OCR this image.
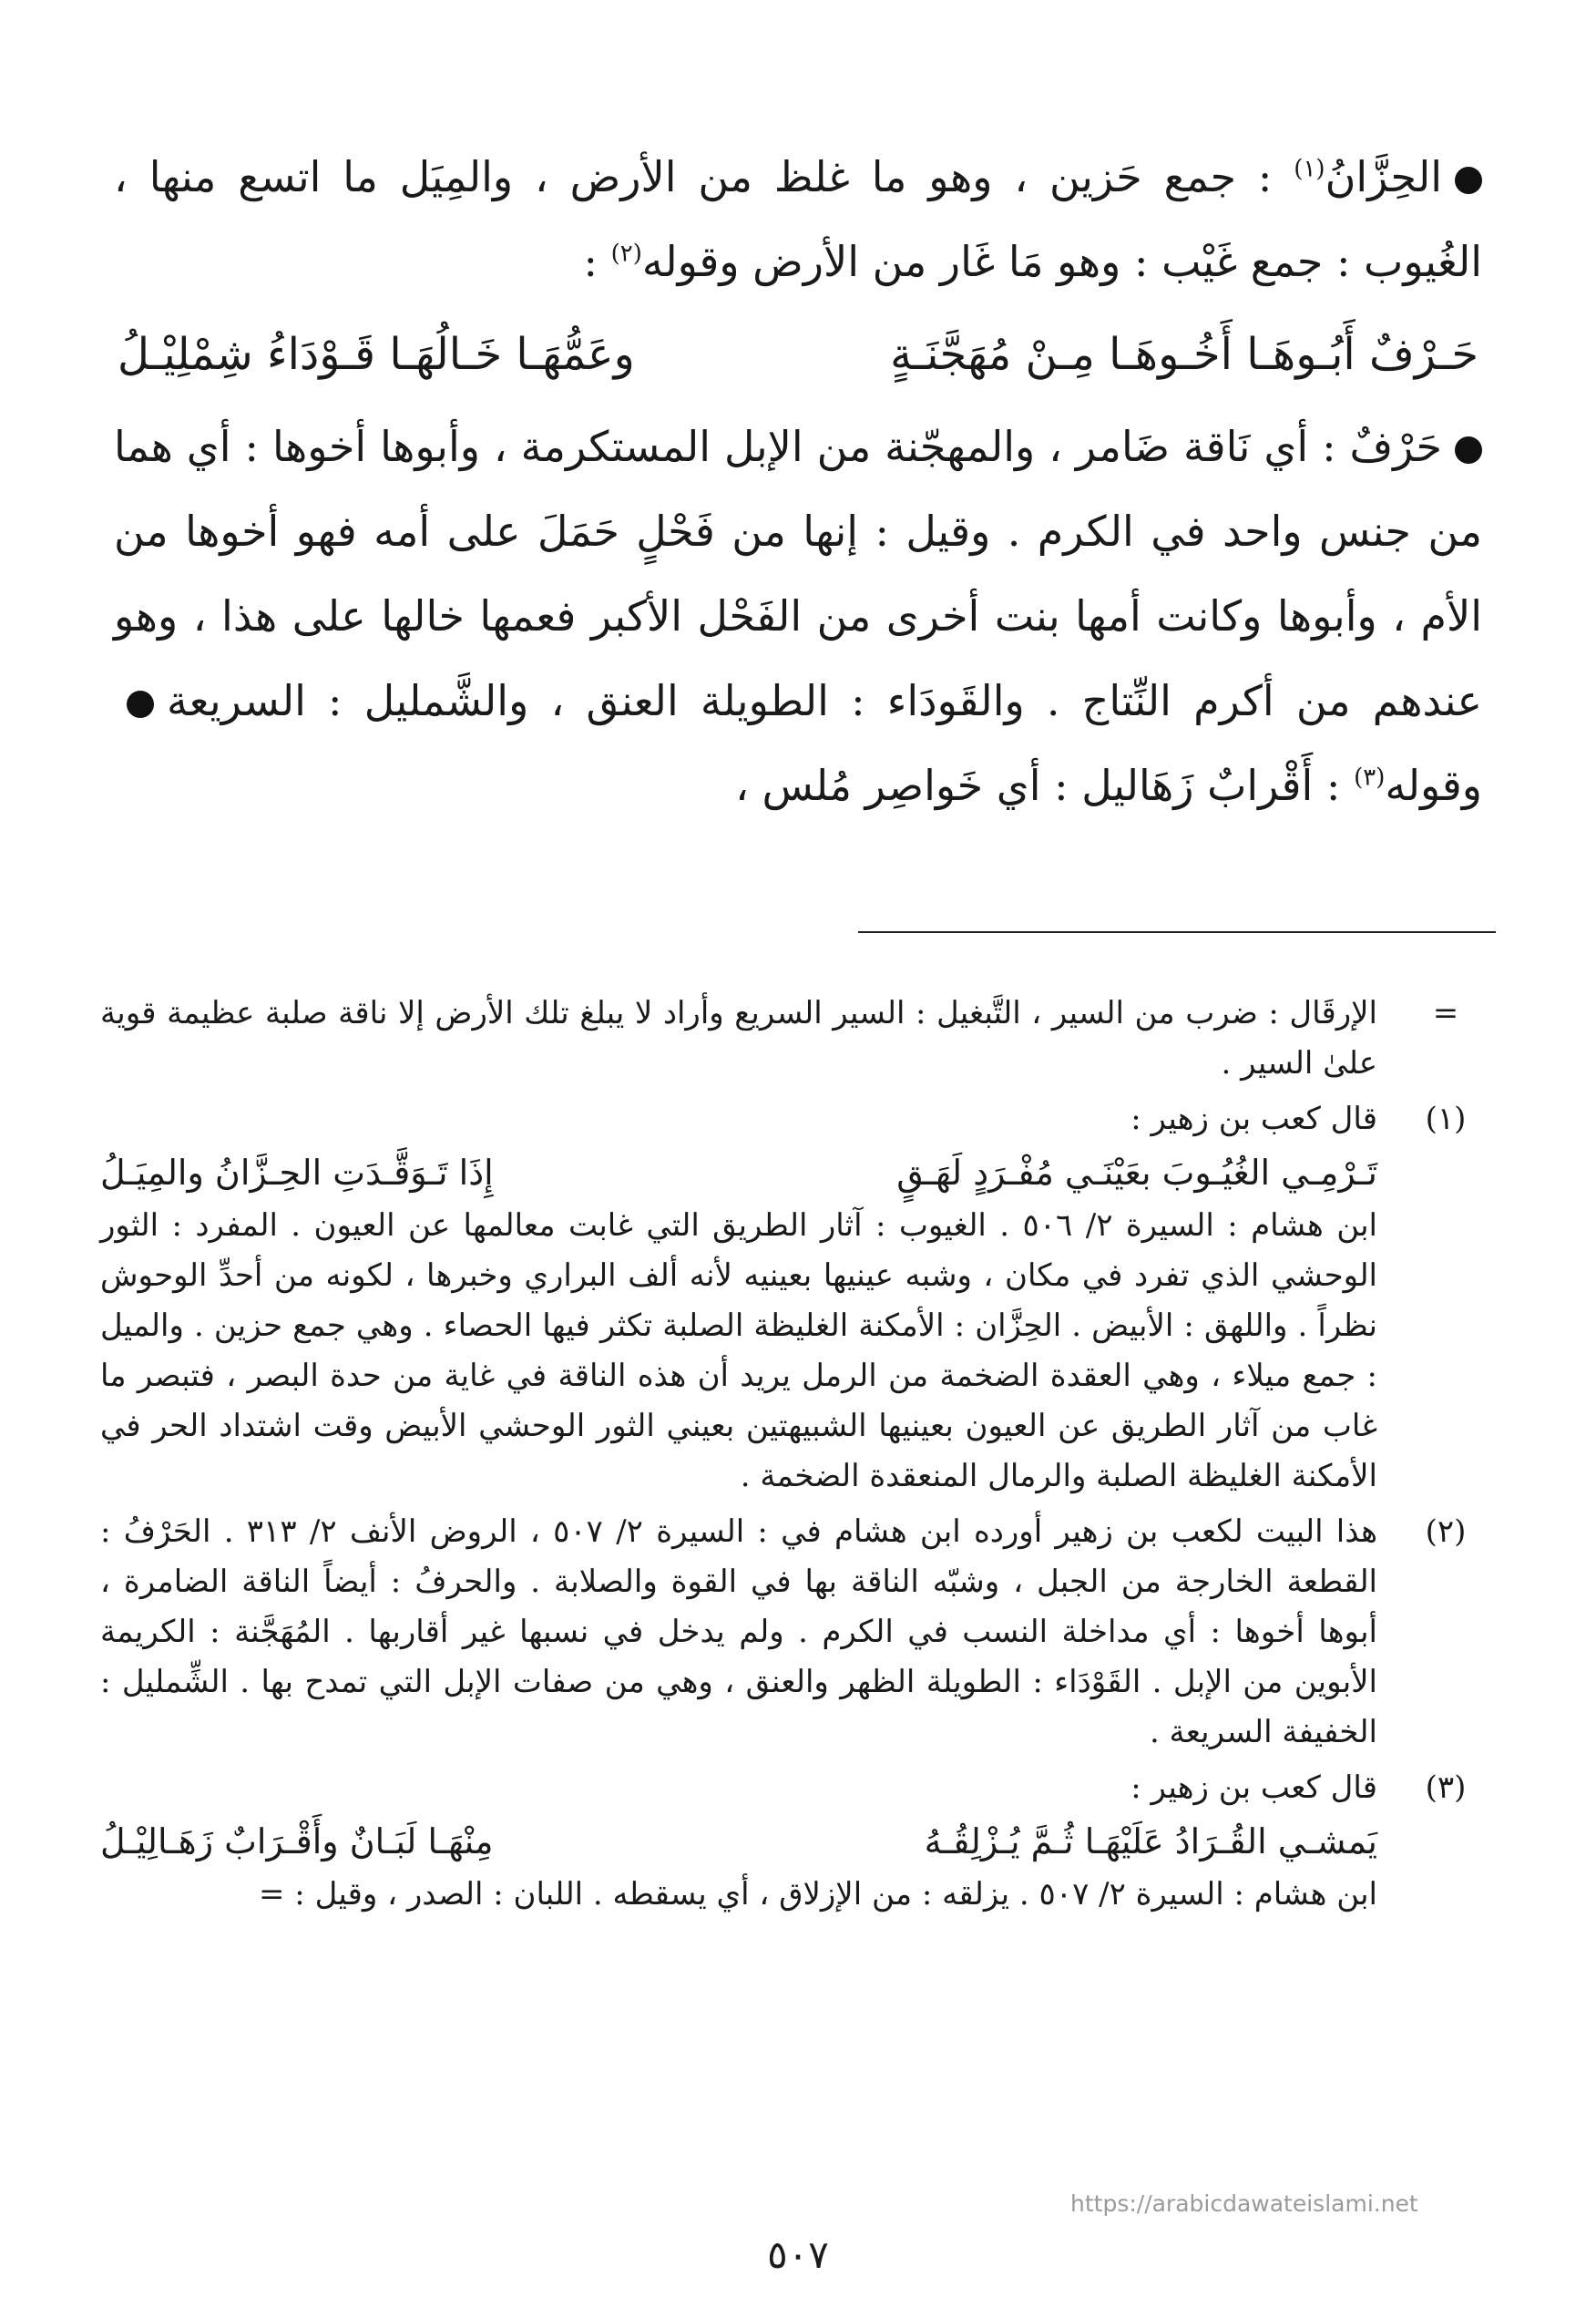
الحِزَّانُ$^{(١)}$ : جمع حَزين ، وهو ما غلظ من الأرض ، والمِيَل ما اتسع منها ، الغُيوب : جمع غَيْب : وهو مَا غَار من الأرض وقوله$^{(٢)}$ :

حَـرْفٌ أَبُـوهَـا أَخُـوهَـا مِـنْ مُهَجَّنَـةٍ
وعَمُّهَـا خَـالُهَـا قَـوْدَاءُ شِمْلِيْـلُ

حَرْفٌ : أي نَاقة ضَامر ، والمهجّنة من الإبل المستكرمة ، وأبوها أخوها : أي هما من جنس واحد في الكرم . وقيل : إنها من فَحْلٍ حَمَلَ على أمه فهو أخوها من الأم ، وأبوها وكانت أمها بنت أخرى من الفَحْل الأكبر فعمها خالها على هذا ، وهو عندهم من أكرم النِّتاج . والقَودَاء : الطويلة العنق ، والشَّمليل : السريعةوقوله$^{(٣)}$ : أَقْرابٌ زَهَاليل : أي خَواصِر مُلس ،

=

الإرقَال : ضرب من السير ، التَّبغيل : السير السريع وأراد لا يبلغ تلك الأرض إلا ناقة صلبة عظيمة قوية علىٰ السير .

(١)

قال كعب بن زهير :

تَـرْمِـي الغُيُـوبَ بعَيْنَـي مُفْـرَدٍ لَهَـقٍ
إِذَا تَـوَقَّـدَتِ الحِـزَّانُ والمِيَـلُ

ابن هشام : السيرة ٢/ ٥٠٦ . الغيوب : آثار الطريق التي غابت معالمها عن العيون . المفرد : الثور الوحشي الذي تفرد في مكان ، وشبه عينيها بعينيه لأنه ألف البراري وخبرها ، لكونه من أحدِّ الوحوش نظراً . واللهق : الأبيض . الحِزَّان : الأمكنة الغليظة الصلبة تكثر فيها الحصاء . وهي جمع حزين . والميل : جمع ميلاء ، وهي العقدة الضخمة من الرمل يريد أن هذه الناقة في غاية من حدة البصر ، فتبصر ما غاب من آثار الطريق عن العيون بعينيها الشبيهتين بعيني الثور الوحشي الأبيض وقت اشتداد الحر في الأمكنة الغليظة الصلبة والرمال المنعقدة الضخمة .

(٢)

هذا البيت لكعب بن زهير أورده ابن هشام في : السيرة ٢/ ٥٠٧ ، الروض الأنف ٢/ ٣١٣ . الحَرْفُ : القطعة الخارجة من الجبل ، وشبّه الناقة بها في القوة والصلابة . والحرفُ : أيضاً الناقة الضامرة ، أبوها أخوها : أي مداخلة النسب في الكرم . ولم يدخل في نسبها غير أقاربها . المُهَجَّنة : الكريمة الأبوين من الإبل . القَوْدَاء : الطويلة الظهر والعنق ، وهي من صفات الإبل التي تمدح بها . الشِّمليل : الخفيفة السريعة .

(٣)

قال كعب بن زهير :

يَمشـي القُـرَادُ عَلَيْهَـا ثُـمَّ يُـزْلِقُـهُ
مِنْهَـا لَبَـانٌ وأَقْـرَابٌ زَهَـالِيْـلُ

ابن هشام : السيرة ٢/ ٥٠٧ . يزلقه : من الإزلاق ، أي يسقطه . اللبان : الصدر ، وقيل : =

https://arabicdawateislami.net
٥٠٧
